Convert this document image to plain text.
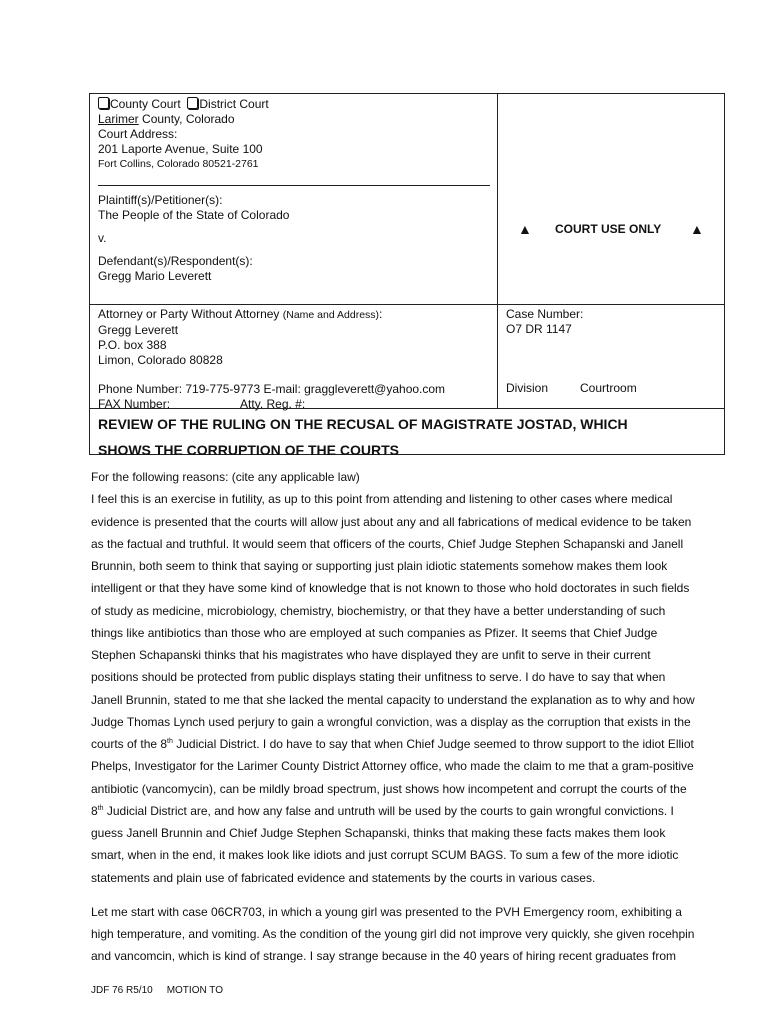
County Court District Court
Larimer County, Colorado
Court Address:
201 Laporte Avenue, Suite 100
Fort Collins, Colorado 80521-2761
Plaintiff(s)/Petitioner(s):
The People of the State of Colorado
v.
Defendant(s)/Respondent(s):
Gregg Mario Leverett
▲ COURT USE ONLY ▲
Attorney or Party Without Attorney (Name and Address):
Gregg Leverett
P.O. box 388
Limon, Colorado 80828
Phone Number: 719-775-9773 E-mail: graggleverett@yahoo.com
FAX Number:	Atty. Reg. #:
Case Number:
O7 DR 1147
Division	Courtroom
REVIEW OF THE RULING ON THE RECUSAL OF MAGISTRATE JOSTAD, WHICH
SHOWS THE CORRUPTION OF THE COURTS

For the following reasons: (cite any applicable law)

I feel this is an exercise in futility, as up to this point from attending and listening to other cases where medical

evidence is presented that the courts will allow just about any and all fabrications of medical evidence to be taken

as the factual and truthful. It would seem that officers of the courts, Chief Judge Stephen Schapanski and Janell

Brunnin, both seem to think that saying or supporting just plain idiotic statements somehow makes them look

intelligent or that they have some kind of knowledge that is not known to those who hold doctorates in such fields

of study as medicine, microbiology, chemistry, biochemistry, or that they have a better understanding of such

things like antibiotics than those who are employed at such companies as Pfizer. It seems that Chief Judge

Stephen Schapanski thinks that his magistrates who have displayed they are unfit to serve in their current

positions should be protected from public displays stating their unfitness to serve. I do have to say that when

Janell Brunnin, stated to me that she lacked the mental capacity to understand the explanation as to why and how

Judge Thomas Lynch used perjury to gain a wrongful conviction, was a display as the corruption that exists in the

courts of the 8th Judicial District. I do have to say that when Chief Judge seemed to throw support to the idiot Elliot

Phelps, Investigator for the Larimer County District Attorney office, who made the claim to me that a gram-positive

antibiotic (vancomycin), can be mildly broad spectrum, just shows how incompetent and corrupt the courts of the

8th Judicial District are, and how any false and untruth will be used by the courts to gain wrongful convictions. I

guess Janell Brunnin and Chief Judge Stephen Schapanski, thinks that making these facts makes them look

smart, when in the end, it makes look like idiots and just corrupt SCUM BAGS. To sum a few of the more idiotic

statements and plain use of fabricated evidence and statements by the courts in various cases.

Let me start with case 06CR703, in which a young girl was presented to the PVH Emergency room, exhibiting a

high temperature, and vomiting. As the condition of the young girl did not improve very quickly, she given rocehpin

and vancomcin, which is kind of strange. I say strange because in the 40 years of hiring recent graduates from

JDF 76 R5/10 MOTION TO
